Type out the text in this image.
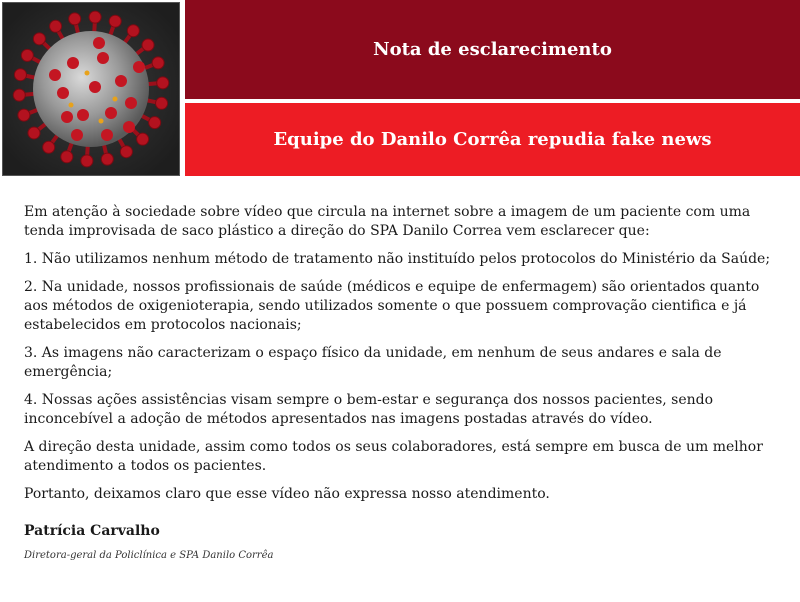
Nota de esclarecimento
Equipe do Danilo Corrêa repudia fake news

Em atenção à sociedade sobre vídeo que circula na internet sobre a imagem de um paciente com uma tenda improvisada de saco plástico a direção do SPA Danilo Correa vem esclarecer que:

1. Não utilizamos nenhum método de tratamento não instituído pelos protocolos do Ministério da Saúde;

2. Na unidade, nossos profissionais de saúde (médicos e equipe de enfermagem) são orientados quanto aos métodos de oxigenioterapia, sendo utilizados somente o que possuem comprovação cientifica e já estabelecidos em protocolos nacionais;

3. As imagens não caracterizam o espaço físico da unidade, em nenhum de seus andares e sala de emergência;

4. Nossas ações assistências visam sempre o bem-estar e segurança dos nossos pacientes, sendo inconcebível a adoção de métodos apresentados nas imagens postadas através do vídeo.

A direção desta unidade, assim como todos os seus colaboradores, está sempre em busca de um melhor atendimento a todos os pacientes.

Portanto, deixamos claro que esse vídeo não expressa nosso atendimento.

Patrícia Carvalho
Diretora-geral da Policlínica e SPA Danilo Corrêa
